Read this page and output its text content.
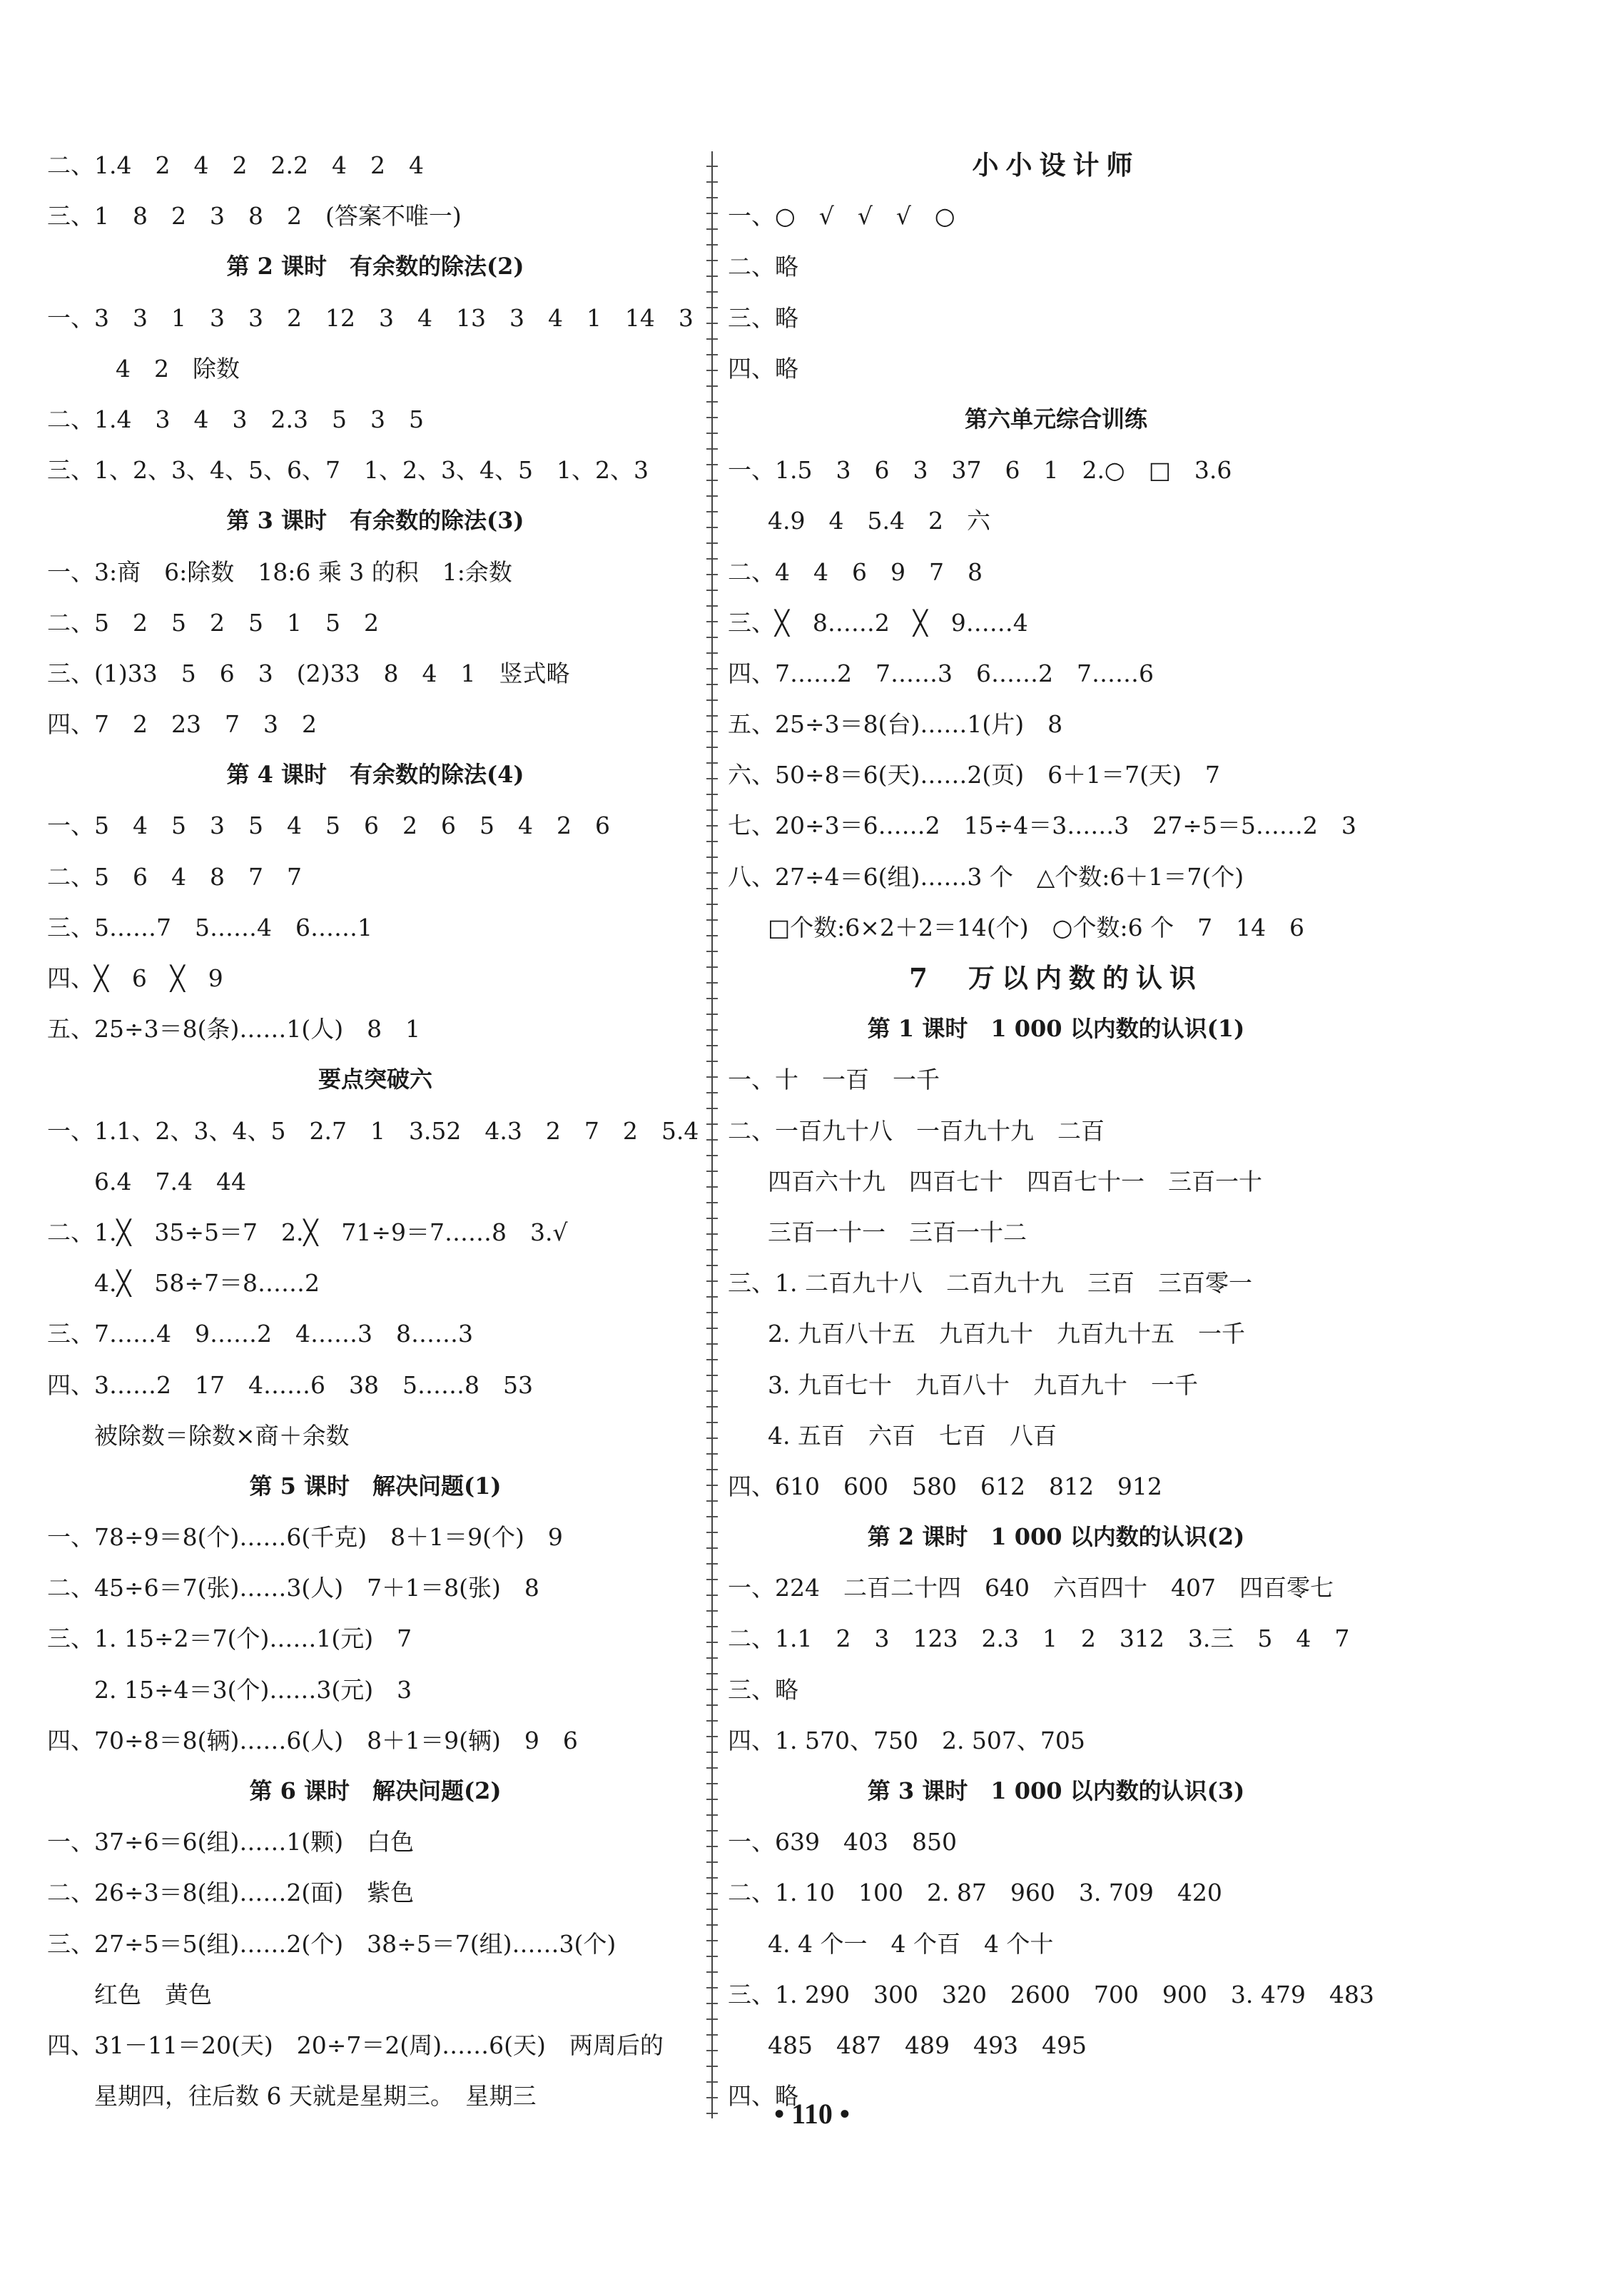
二、1.4　2　4　2　2.2　4　2　4
三、1　8　2　3　8　2　(答案不唯一)
第 2 课时　有余数的除法(2)
一、3　3　1　3　3　2　12　3　4　13　3　4　1　14　3
4　2　除数
二、1.4　3　4　3　2.3　5　3　5
三、1、2、3、4、5、6、7　1、2、3、4、5　1、2、3
第 3 课时　有余数的除法(3)
一、3:商　6:除数　18:6 乘 3 的积　1:余数
二、5　2　5　2　5　1　5　2
三、(1)33　5　6　3　(2)33　8　4　1　竖式略
四、7　2　23　7　3　2
第 4 课时　有余数的除法(4)
一、5　4　5　3　5　4　5　6　2　6　5　4　2　6
二、5　6　4　8　7　7
三、5……7　5……4　6……1
四、╳　6　╳　9
五、25÷3＝8(条)……1(人)　8　1
要点突破六
一、1.1、2、3、4、5　2.7　1　3.52　4.3　2　7　2　5.4
6.4　7.4　44
二、1.╳　35÷5＝7　2.╳　71÷9＝7……8　3.√
4.╳　58÷7＝8……2
三、7……4　9……2　4……3　8……3
四、3……2　17　4……6　38　5……8　53
被除数＝除数×商＋余数
第 5 课时　解决问题(1)
一、78÷9＝8(个)……6(千克)　8＋1＝9(个)　9
二、45÷6＝7(张)……3(人)　7＋1＝8(张)　8
三、1. 15÷2＝7(个)……1(元)　7
2. 15÷4＝3(个)……3(元)　3
四、70÷8＝8(辆)……6(人)　8＋1＝9(辆)　9　6
第 6 课时　解决问题(2)
一、37÷6＝6(组)……1(颗)　白色
二、26÷3＝8(组)……2(面)　紫色
三、27÷5＝5(组)……2(个)　38÷5＝7(组)……3(个)
红色　黄色
四、31－11＝20(天)　20÷7＝2(周)……6(天)　两周后的
星期四，往后数 6 天就是星期三。　星期三
小小设计师
一、○　√　√　√　○
二、略
三、略
四、略
第六单元综合训练
一、1.5　3　6　3　37　6　1　2.○　□　3.6
4.9　4　5.4　2　六
二、4　4　6　9　7　8
三、╳　8……2　╳　9……4
四、7……2　7……3　6……2　7……6
五、25÷3＝8(台)……1(片)　8
六、50÷8＝6(天)……2(页)　6＋1＝7(天)　7
七、20÷3＝6……2　15÷4＝3……3　27÷5＝5……2　3
八、27÷4＝6(组)……3 个　△个数:6＋1＝7(个)
□个数:6×2＋2＝14(个)　○个数:6 个　7　14　6
7　万以内数的认识
第 1 课时　1 000 以内数的认识(1)
一、十　一百　一千
二、一百九十八　一百九十九　二百
四百六十九　四百七十　四百七十一　三百一十
三百一十一　三百一十二
三、1. 二百九十八　二百九十九　三百　三百零一
2. 九百八十五　九百九十　九百九十五　一千
3. 九百七十　九百八十　九百九十　一千
4. 五百　六百　七百　八百
四、610　600　580　612　812　912
第 2 课时　1 000 以内数的认识(2)
一、224　二百二十四　640　六百四十　407　四百零七
二、1.1　2　3　123　2.3　1　2　312　3.三　5　4　7
三、略
四、1. 570、750　2. 507、705
第 3 课时　1 000 以内数的认识(3)
一、639　403　850
二、1. 10　100　2. 87　960　3. 709　420
4. 4 个一　4 个百　4 个十
三、1. 290　300　320　2600　700　900　3. 479　483
485　487　489　493　495
四、略
• 110 •
